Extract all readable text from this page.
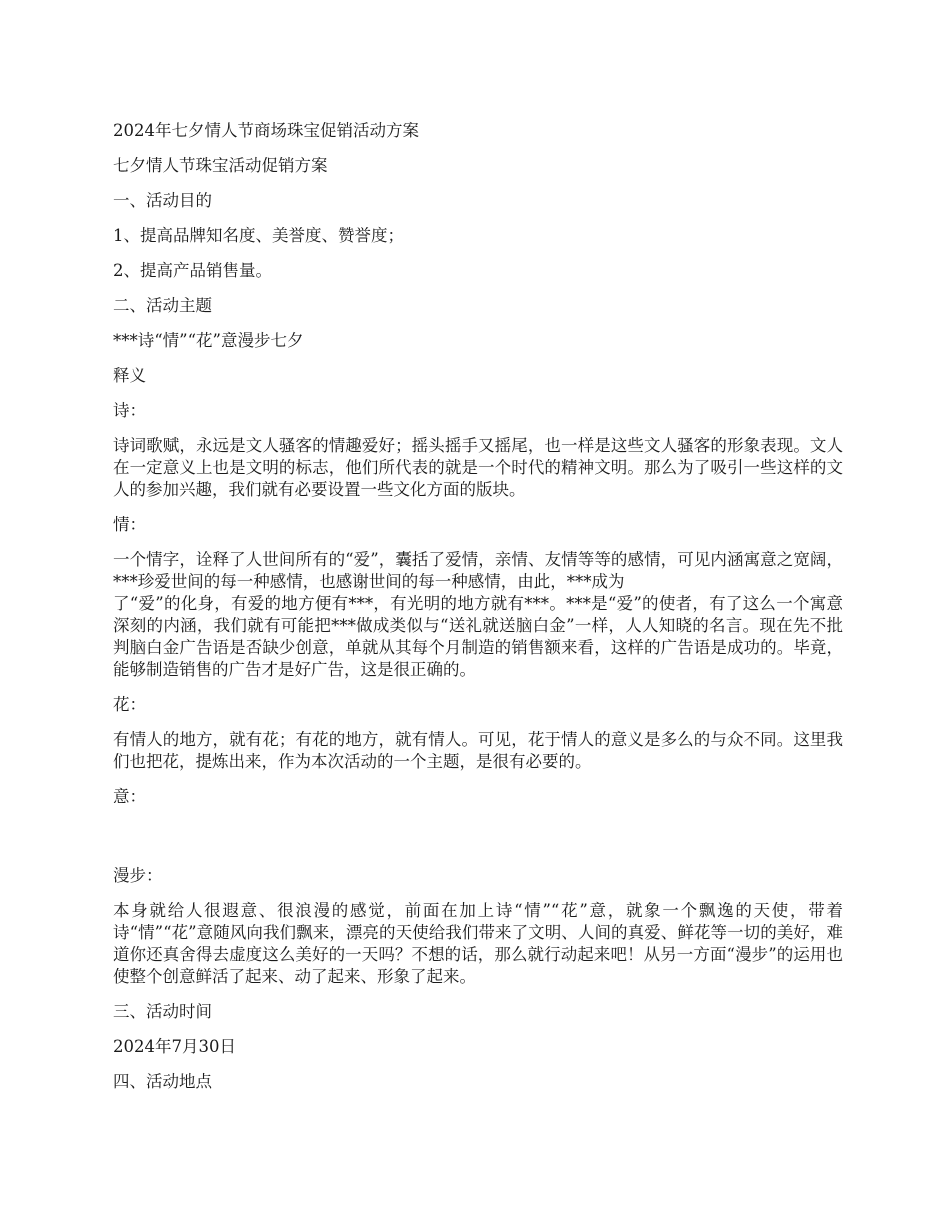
2024年七夕情人节商场珠宝促销活动方案

七夕情人节珠宝活动促销方案

一、活动目的

1、提高品牌知名度、美誉度、赞誉度；

2、提高产品销售量。

二、活动主题

***诗“情”“花”意漫步七夕

释义

诗：

诗词歌赋，永远是文人骚客的情趣爱好；摇头摇手又摇尾，也一样是这些文人骚客的形象表现。文人在一定意义上也是文明的标志，他们所代表的就是一个时代的精神文明。那么为了吸引一些这样的文人的参加兴趣，我们就有必要设置一些文化方面的版块。

情：

一个情字，诠释了人世间所有的“爱”，囊括了爱情，亲情、友情等等的感情，可见内涵寓意之宽阔，***珍爱世间的每一种感情，也感谢世间的每一种感情，由此，***成为
了“爱”的化身，有爱的地方便有***，有光明的地方就有***。***是“爱”的使者，有了这么一个寓意深刻的内涵，我们就有可能把***做成类似与“送礼就送脑白金”一样，人人知晓的名言。现在先不批判脑白金广告语是否缺少创意，单就从其每个月制造的销售额来看，这样的广告语是成功的。毕竟，能够制造销售的广告才是好广告，这是很正确的。

花：

有情人的地方，就有花；有花的地方，就有情人。可见，花于情人的意义是多么的与众不同。这里我们也把花，提炼出来，作为本次活动的一个主题，是很有必要的。

意：

漫步：

本身就给人很遐意、很浪漫的感觉，前面在加上诗“情”“花”意，就象一个飘逸的天使，带着诗“情”“花”意随风向我们飘来，漂亮的天使给我们带来了文明、人间的真爱、鲜花等一切的美好，难道你还真舍得去虚度这么美好的一天吗？不想的话，那么就行动起来吧！从另一方面“漫步”的运用也使整个创意鲜活了起来、动了起来、形象了起来。

三、活动时间

2024年7月30日

四、活动地点
